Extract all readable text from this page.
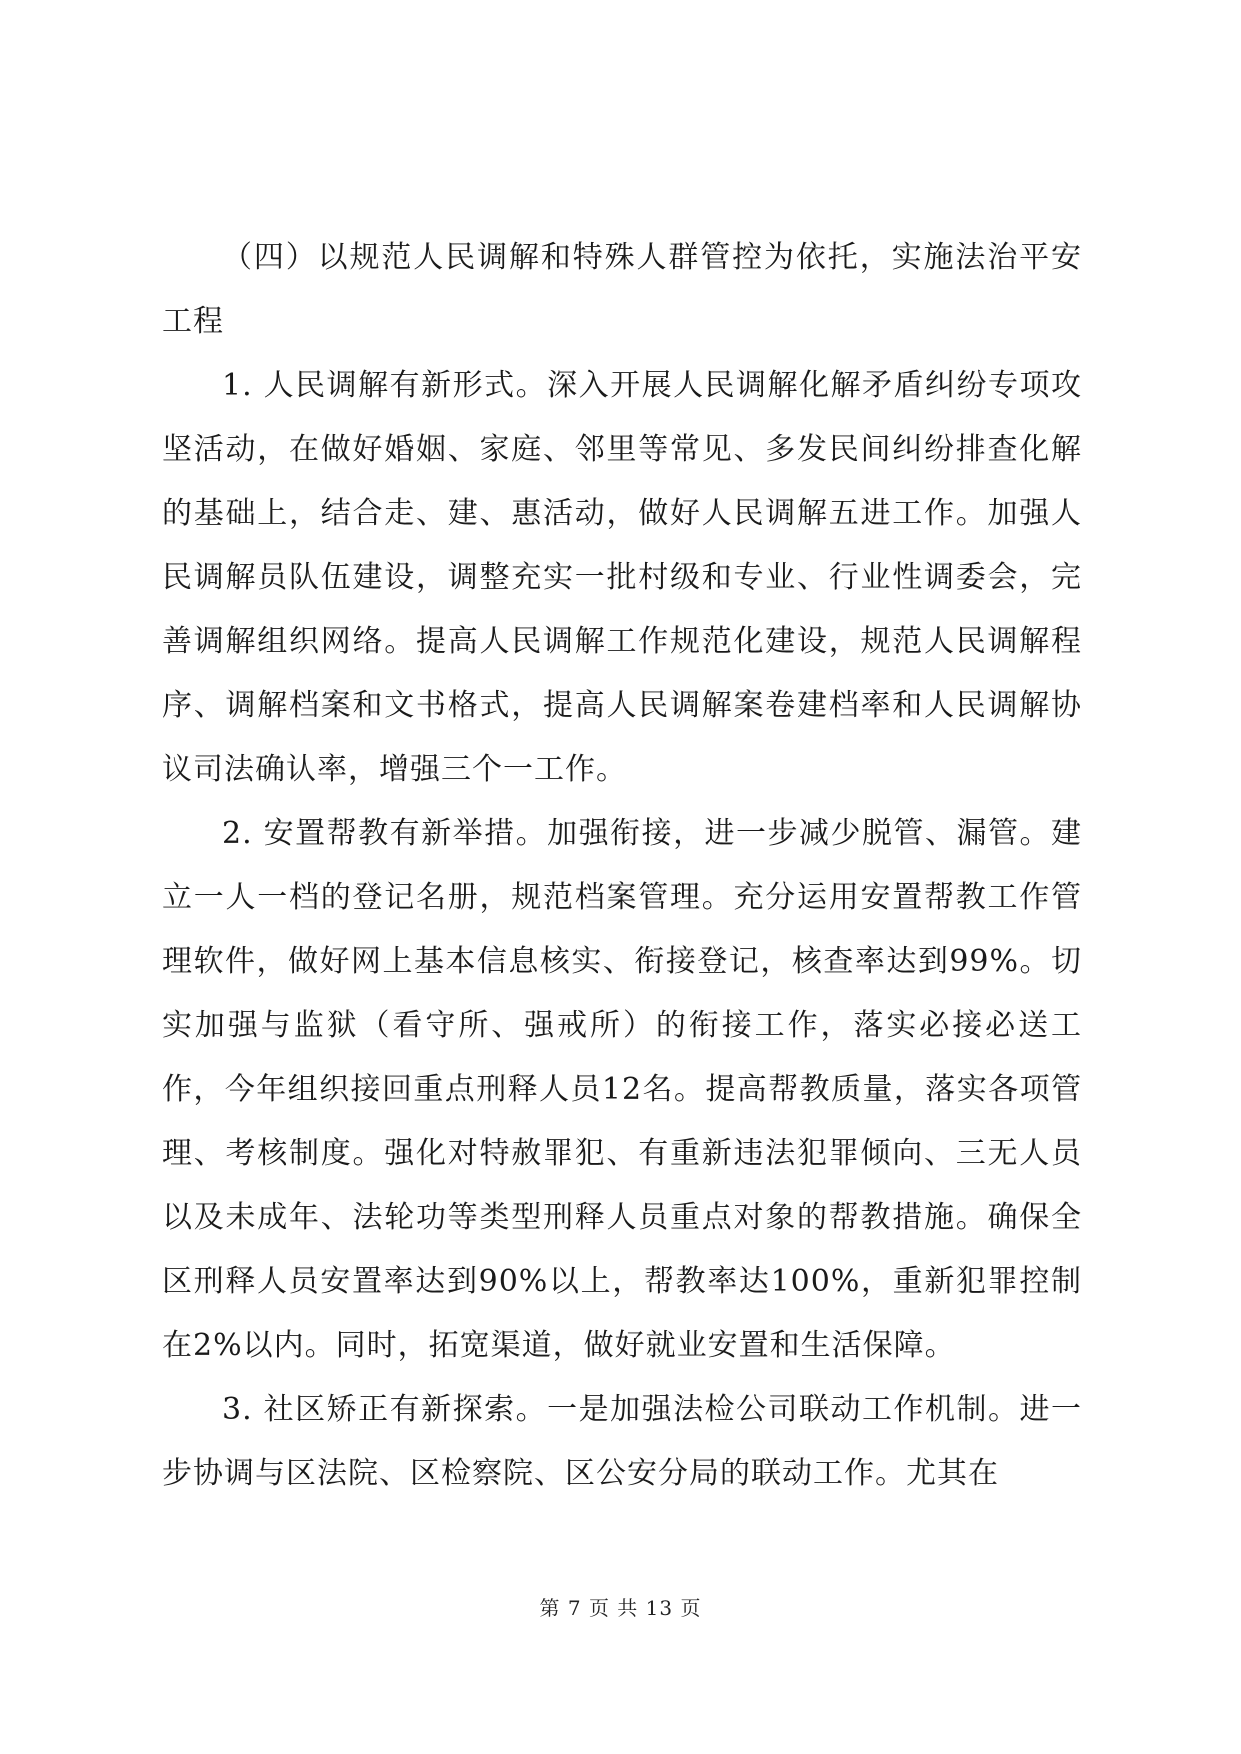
（四）以规范人民调解和特殊人群管控为依托，实施法治平安工程

1. 人民调解有新形式。深入开展人民调解化解矛盾纠纷专项攻坚活动，在做好婚姻、家庭、邻里等常见、多发民间纠纷排查化解的基础上，结合走、建、惠活动，做好人民调解五进工作。加强人民调解员队伍建设，调整充实一批村级和专业、行业性调委会，完善调解组织网络。提高人民调解工作规范化建设，规范人民调解程序、调解档案和文书格式，提高人民调解案卷建档率和人民调解协议司法确认率，增强三个一工作。

2. 安置帮教有新举措。加强衔接，进一步减少脱管、漏管。建立一人一档的登记名册，规范档案管理。充分运用安置帮教工作管理软件，做好网上基本信息核实、衔接登记，核查率达到99%。切实加强与监狱（看守所、强戒所）的衔接工作，落实必接必送工作，今年组织接回重点刑释人员12名。提高帮教质量，落实各项管理、考核制度。强化对特赦罪犯、有重新违法犯罪倾向、三无人员以及未成年、法轮功等类型刑释人员重点对象的帮教措施。确保全区刑释人员安置率达到90%以上，帮教率达100%，重新犯罪控制在2%以内。同时，拓宽渠道，做好就业安置和生活保障。

3. 社区矫正有新探索。一是加强法检公司联动工作机制。进一步协调与区法院、区检察院、区公安分局的联动工作。尤其在

第 7 页 共 13 页
